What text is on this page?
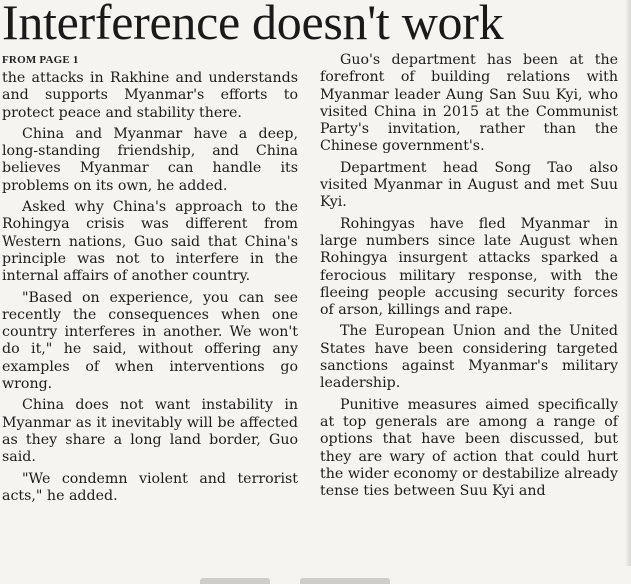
Interference doesn't work
FROM PAGE 1

the attacks in Rakhine and understands and supports Myanmar's efforts to protect peace and stability there.

China and Myanmar have a deep, long-standing friendship, and China believes Myanmar can handle its problems on its own, he added.

Asked why China's approach to the Rohingya crisis was different from Western nations, Guo said that China's principle was not to interfere in the internal affairs of another country.

"Based on experience, you can see recently the consequences when one country interferes in another. We won't do it," he said, without offering any examples of when interventions go wrong.

China does not want instability in Myanmar as it inevitably will be affected as they share a long land border, Guo said.

"We condemn violent and terrorist acts," he added.

Guo's department has been at the forefront of building relations with Myanmar leader Aung San Suu Kyi, who visited China in 2015 at the Communist Party's invitation, rather than the Chinese government's.

Department head Song Tao also visited Myanmar in August and met Suu Kyi.

Rohingyas have fled Myanmar in large numbers since late August when Rohingya insurgent attacks sparked a ferocious military response, with the fleeing people accusing security forces of arson, killings and rape.

The European Union and the United States have been considering targeted sanctions against Myanmar's military leadership.

Punitive measures aimed specifically at top generals are among a range of options that have been discussed, but they are wary of action that could hurt the wider economy or destabilize already tense ties between Suu Kyi and
